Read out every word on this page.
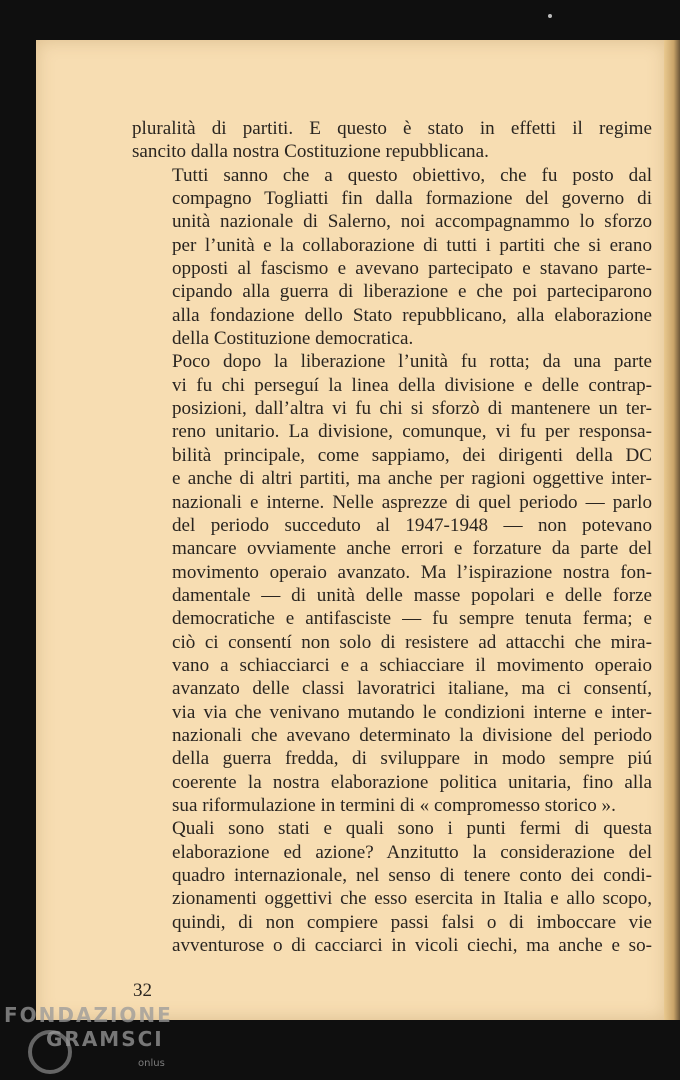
pluralità di partiti. E questo è stato in effetti il regime
sancito dalla nostra Costituzione repubblicana.

Tutti sanno che a questo obiettivo, che fu posto dal
compagno Togliatti fin dalla formazione del governo di
unità nazionale di Salerno, noi accompagnammo lo sforzo
per l’unità e la collaborazione di tutti i partiti che si erano
opposti al fascismo e avevano partecipato e stavano parte-
cipando alla guerra di liberazione e che poi parteciparono
alla fondazione dello Stato repubblicano, alla elaborazione
della Costituzione democratica.

Poco dopo la liberazione l’unità fu rotta; da una parte
vi fu chi perseguí la linea della divisione e delle contrap-
posizioni, dall’altra vi fu chi si sforzò di mantenere un ter-
reno unitario. La divisione, comunque, vi fu per responsa-
bilità principale, come sappiamo, dei dirigenti della DC
e anche di altri partiti, ma anche per ragioni oggettive inter-
nazionali e interne. Nelle asprezze di quel periodo — parlo
del periodo succeduto al 1947-1948 — non potevano
mancare ovviamente anche errori e forzature da parte del
movimento operaio avanzato. Ma l’ispirazione nostra fon-
damentale — di unità delle masse popolari e delle forze
democratiche e antifasciste — fu sempre tenuta ferma; e
ciò ci consentí non solo di resistere ad attacchi che mira-
vano a schiacciarci e a schiacciare il movimento operaio
avanzato delle classi lavoratrici italiane, ma ci consentí,
via via che venivano mutando le condizioni interne e inter-
nazionali che avevano determinato la divisione del periodo
della guerra fredda, di sviluppare in modo sempre piú
coerente la nostra elaborazione politica unitaria, fino alla
sua riformulazione in termini di « compromesso storico ».

Quali sono stati e quali sono i punti fermi di questa
elaborazione ed azione? Anzitutto la considerazione del
quadro internazionale, nel senso di tenere conto dei condi-
zionamenti oggettivi che esso esercita in Italia e allo scopo,
quindi, di non compiere passi falsi o di imboccare vie
avventurose o di cacciarci in vicoli ciechi, ma anche e so-

32
FONDAZIONE
GRAMSCI
onlus
